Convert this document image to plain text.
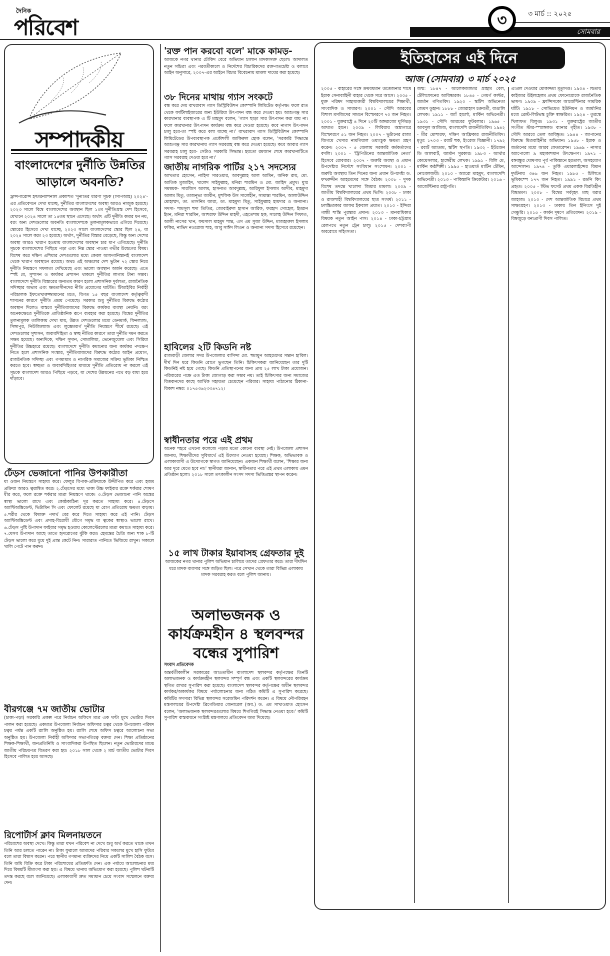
দৈনিক
পরিবেশ	৩	৩ মার্চ :: ২০২৫
সোমবার
সম্পাদকীয়
বাংলাদেশের দুর্নীতি উন্নতির আড়ালে অবনতি?
ট্রান্সপারেন্সি ইন্টারন্যাশনাল প্রকাশিত 'দুর্নীতির ধারণা সূচক (সিপিআই) ২০২৪'-এর প্রতিবেদনে দেখা যাচ্ছে, দুর্নীতির বাংলাদেশের অবস্থা আরও নাজুক হয়েছে। ২০২৩ সালে বিশ্বে বাংলাদেশের অবস্থান ছিল ১০ম দুর্নীতিগ্রস্ত দেশ হিসেবে, যেখানে ২০২৪ সালে তা ১৪তম স্থানে এসেছে। অর্থাৎ এটি দুর্নীতি কমার ধন নয়, বরং অন্য দেশগুলোর অবনতি বাংলাদেশকে তুলনামূলকভাবে এগিয়ে দিয়েছে। স্কোরের হিসেবে দেখা যাচ্ছে, ২০২৩ সালে বাংলাদেশের স্কোর ছিল ২৪, যা ২০২৪ সালে কমে ২৩ হয়েছে। অর্থাৎ, দুর্নীতির বিস্তার বেড়েছে, কিন্তু অন্য দেশের অবস্থা আরও খারাপ হওয়ায় বাংলাদেশের অবস্থান চার ধাপ এগিয়েছে। দুর্নীতি সূচকে বাংলাদেশের পিছিয়ে পড়া এবং নিম্ন স্কোর পাওয়া গভীর উদ্বেগের বিষয়। বিশেষ করে দক্ষিণ এশিয়ার দেশগুলোর মধ্যে কেবল আফগানিস্তানই বাংলাদেশ থেকে খারাপ অবস্থানে রয়েছে। অথচ এই অঞ্চলের দেশ ভুটান ৭২ স্কোর নিয়ে দুর্নীতি নিয়ন্ত্রণে সফলতা দেখিয়েছে এবং ভালো অবস্থান অর্জন করেছে। এতে স্পষ্ট যে, সুশাসন ও কার্যকর প্রশাসন থাকলে দুর্নীতির লাগাম টানা সম্ভব। বাংলাদেশে দুর্নীতি বিস্তারের অন্যতম কারণ হলো প্রশাসনিক দুর্বলতা, রাজনৈতিক সদিচ্ছার অভাব এবং ক্ষমতাসীনদের নীতি প্রয়োগের ঘাটতি। টিআইবির নির্বাহী পরিচালক ইফতেখারুজ্জামানের মতে, বিগত ১৫ বছর বাংলাদেশ কর্তৃত্ববাদী শাসনের কারণে দুর্নীতি প্রশ্রয় পেয়েছে। সরকার শুধু দুর্নীতির বিরুদ্ধে কঠোর অবস্থান দিলেও বাস্তবে দুর্নীতিবাজদের বিরুদ্ধে কার্যকর ব্যবস্থা নেয়নি। বরং অনেকক্ষেত্রে দুর্নীতিকে প্রাতিষ্ঠানিক রূপে ব্যবহার করা হয়েছে। বিশ্বের দুর্নীতির তুলনামূলক তালিকায় দেখা যায়, উন্নত দেশগুলোর মধ্যে ডেনমার্ক, ফিনল্যান্ড, সিঙ্গাপুর, নিউজিল্যান্ড এবং লুক্সেমবার্গ দুর্নীতি নিয়ন্ত্রণে শীর্ষে রয়েছে। এই দেশগুলোর সুশাসন, জবাবদিহিতা ও স্বচ্ছ নীতির কারণে তারা দুর্নীতি দমন করতে সক্ষম হয়েছে। অন্যদিকে, দক্ষিণ সুদান, সোমালিয়া, ভেনেজুয়েলা এবং সিরিয়া দুর্নীতির উচ্চহারে রয়েছে। বাংলাদেশে দুর্নীতি কমানোর জন্য কার্যকর পদক্ষেপ নিতে হলে প্রশাসনিক সংস্কার, দুর্নীতিবাজদের বিরুদ্ধে কঠোর আইন প্রয়োগ, রাজনৈতিক সদিচ্ছা এবং গণমাধ্যম ও নাগরিক সমাজের সক্রিয় ভূমিকা নিশ্চিত করতে হবে। স্বচ্ছতা ও জবাবদিহিতার মাধ্যমে দুর্নীতি প্রতিরোধ না করলে এই সূচকে বাংলাদেশ আরও পিছিয়ে পড়বে, যা দেশের উন্নয়নের পথে বড় বাধা হয়ে দাঁড়াবে।
ঢেঁড়স ভেজানো পানির উপকারীতা

যা ওজন নিয়ন্ত্রণে সাহায্য করে। ফেলুর বিপাক-প্রক্রিয়াকে উদ্দীপিত করে এবং হজম প্রক্রিয়া আরও ত্বরান্বিত করে। ২.ঢেঁড়সের মধ্যে থাকা উচ্চ ফাইবার রক্তে শর্করার শোষণ ধীর করে, ফলে রক্তে শর্করার মাত্রা নিয়ন্ত্রণে থাকে। ৩.ঢেঁড়স ভেজানো পানি অন্ত্রের স্বাস্থ্য ভালো রাখে এবং কোষ্ঠকাঠিন্য দূর করতে সাহায্য করে। ৪.ঢেঁড়সে অ্যান্টিঅক্সিডেন্ট, ভিটামিন সি এবং ফোলেট রয়েছে যা রোগ প্রতিরোধ ক্ষমতা বাড়ায়। ৫.শরীর থেকে বিষাক্ত পদার্থ বের করে দিতে সাহায্য করে এই পানি। ঢেঁড়স অ্যান্টিঅক্সিডেন্ট এবং প্রদাহ-বিরোধী যৌগে সমৃদ্ধ যা ত্বকের স্বাস্থ্যও ভালো রাখে। ৬.ঢেঁড়স পুষ্টি উপাদান ফাইবার সমৃদ্ধ হওয়ায় কোলেস্টেরলের মাত্রা কমাতে সাহায্য করে। ৭.যেসব উপাদান আছে তাতে হৃদরোগের ঝুঁকি কমে। হেমন্তের চৈত্রি জন্য শাক ৮-টি ঢেঁড়স ভালো করে ধুয়ে দুই প্রান্ত কেটে নিন। সারারাত পানিতে ভিজিয়ে রাখুন। সকালে খালি পেটে পান করুন।

বীরগঞ্জে ৭ম জাতীয় ভোটার

(চাকা-পড়া) সরকারি প্রকল্প পরে নির্বাচন অফিসে মাত্র এক ঘণ্টা মুখে ভোটার দিবস পালন করা হয়েছে। একমাত্র উপজেলা নির্বাচন অফিসার চত্বর থেকে উপজেলা পরিষদ চত্বর পর্যন্ত একটি র‍্যালি অনুষ্ঠিত হয়। র‍্যালি শেষে অফিস চত্বরে আলোচনা সভা অনুষ্ঠিত হয়। উপজেলা নির্বাহী অফিসার সভাপতিত্বে বক্তব্য দেন। শিক্ষা প্রতিষ্ঠানের শিক্ষক-শিক্ষার্থী, জনপ্রতিনিধি ও সাংবাদিকরা উপস্থিত ছিলেন। নতুন ভোটারদের মাঝে জাতীয় পরিচয়পত্র বিতরণ করা হয়। ২০১৮ সাল থেকে ২ মার্চ জাতীয় ভোটার দিবস হিসেবে পালিত হয়ে আসছে।

রিপোর্টার্স ক্লাব মিলনায়তনে

পরিবেশের অবস্থা দেখে। কিন্তু তারা যখন পরিবেশ না দেখে শুধু অর্থ করতে থাকে তখন তিনি আর চলতে পারেন না। টাকা ফুরালে আমাদের পরিবার সকলের মুখে হাসি ফুটবে বলে তারা বিশ্বাস করেন। পরে স্থানীয় গণমান্য ব্যক্তিদের নিয়ে একটি সালিশ বৈঠক বসে। তিনি জমি বিক্রি করে টাকা পরিশোধের প্রতিশ্রুতি দেন। এক পর্যায়ে আলোচনার মধ্য দিয়ে বিষয়টি মীমাংসা করা হয়। এ বিষয়ে থানায় অভিযোগ করা হয়েছে। পুলিশ ঘটনাটি তদন্ত করছে বলে জানিয়েছে। এলাকাবাসী দ্রুত সমাধান চেয়ে সংবাদ সম্মেলনে বক্তব্য দেন।

'রক্ত পান করবো বলে' মাকে কামড়-

আজকে নগর থানার চৌকিদ বেরে অভিযান চালান মাদকাসক্ত ছেলে। আদালত নতুন সচিত্রা এবং পরবর্তীকালে ও নির্দেশের বিচারিকদের রক্তপাতচেষ্টা ও বলাবে আইন অনুসারে, ২০০৭-এর আইনে বিচার বিবেচনায় মামলা দায়ের করা হয়েছে।

৩৮ দিনের মাথায় গ্যাস সংকটে

বন্ধ করে দেয় বাখরাবাদ গ্যাস ডিস্ট্রিবিউশন কোম্পানি লিমিটেড কর্তৃপক্ষ। ফলে রাত থেকে ফার্টিলাইজারের জন্য ইউরিয়া উৎপাদন বন্ধ করে দেওয়া হয়। আশুগঞ্জ সার কারখানার ব্যবস্থাপক এ টি মাহমুদ বলেন, 'গ্যাস ছাড়া সার উৎপাদন করা যায় না। ফলে কারখানার উৎপাদন কার্যক্রম বন্ধ করে দেওয়া হয়েছে। কবে নাগাদ উৎপাদন চালু হবে-তা স্পষ্ট করে বলা যাচ্ছে না।' বাখরাবাদ গ্যাস ডিস্ট্রিবিউশন কোম্পানি লিমিটেডের উপব্যবস্থাপক প্রকৌশলী জাকিরুল হোক বলেন, 'সরকারি সিদ্ধান্তে আশুগঞ্জ সার কারখানায় গ্যাস সরবরাহ বন্ধ করে দেওয়া হয়েছে। কবে আবার গ্যাস সরবরাহ চালু হবে- সেটাও সরকারি সিদ্ধান্ত। হয়তো রমজান শেষে কারখানাটিতে গ্যাস সরবরাহ দেওয়া হবে না।'

জাতীয় নাগরিক পার্টির ২১৭ সদস্যের

আখতার হোসেন, নাহিদা সারওয়ার, আবদুল্লাহ আল আমিন, অনিক রায়, মো. আতিক মুজাহিদ, খালেদ সাইফুল্লাহ, মনিরা শারমিন ও মো. জাহিদ প্রমুখ। যুগ্ম সমন্বয়ক- সারজিস আলম, হাসনাত আবদুল্লাহ, আরিফুল ইসলাম আদীব, মাহমুদা আলম মিতু, তাজনূভা জাবীন, মুশফিক উস সালেহীন, সামান্তা শারমিন, আলাউদ্দিন মোহাম্মদ, ডা. তাসনিম জারা, ডা. মাহমুদা মিতু, সাইফুল্লাহ হায়দার ও অন্যান্য। সদস্য- শামসুল হুদা তিতির, জোবাইরুল হাসান আরিফ, ফরহাদ সোহেল, ইমরান ইমন, মনিরা শারমিন, আশরাফ উদ্দিন মাহদী, এহতেশাম হক, সালেহ উদ্দিন সিফাত, আলী নাসের খান, ফয়সাল মাহমুদ শান্ত, এস এম সুজা উদ্দিন, মাজহারুল ইসলাম ফকির, নাভিদ নওরোজ শাহ, আবু সাঈদ লিওন ও অন্যান্য সদস্য হিসেবে রয়েছেন।

হাবিলের ২টি কিডনি নষ্ট

রাজবাড়ী জেলার সদর উপজেলার বাসিন্দা মো. হুমায়ুন আহমেদের সন্তান হাবিল। দীর্ঘ দিন ধরে কিডনি রোগে ভুগছেন তিনি। চিকিৎসকরা জানিয়েছেন তার দুটি কিডনিই নষ্ট হয়ে গেছে। কিডনি প্রতিস্থাপনের জন্য প্রায় ২৫ লাখ টাকা প্রয়োজন। পরিবারের পক্ষে এত টাকা জোগাড় করা সম্ভব নয়। তাই চিকিৎসার জন্য সমাজের বিত্তবানদের কাছে আর্থিক সহায়তা চেয়েছেন পরিবার। সাহায্য পাঠানোর ঠিকানা- বিকাশ নম্বর: ০১৭৫৩৬২৩৩৪৭১২।

স্বাধীনতার পরে এই প্রথম

অনেক শহরে এখনো কলেজে পড়ার মতো কোনো ব্যবস্থা নেই। উপজেলা প্রশাসন জানায়, শিক্ষার্থীদের সুবিধার্থে এই উদ্যোগ নেওয়া হয়েছে। শিক্ষক, অভিভাবক ও এলাকাবাসী এ উদ্যোগকে স্বাগত জানিয়েছেন। একজন শিক্ষার্থী বলেন, 'শিক্ষার জন্য আর দূরে যেতে হবে না।' স্থানীয়রা জানান, স্বাধীনতার পরে এই প্রথম এলাকায় এমন প্রতিষ্ঠান হলো। ২০১৮ সালে তৎকালীন সংসদ সদস্য ভিত্তিপ্রস্তর স্থাপন করেন।

১৫ লাখ টাকার ইয়াবাসহ গ্রেফতার দুই

আজকের নগর থানার পুলিশ অভিযান চালিয়ে তাদের গ্রেফতার করে। তারা দীর্ঘদিন ধরে মাদক ব্যবসার সঙ্গে জড়িত ছিল। পরে সেখান থেকে তারা বিভিন্ন এলাকায় মাদক সরবরাহ করত বলে পুলিশ জানায়।

অলাভজনক ও কার্যক্রমহীন ৪ স্থলবন্দর বন্ধের সুপারিশ

সংবাদ প্রতিবেদক

অন্তর্বর্তীকালীন সরকারের আওতাধীন বাংলাদেশ স্থলবন্দর কর্তৃপক্ষের তিনটি অলাভজনক ও কার্যক্রমহীন স্থলবন্দর সম্পূর্ণ বন্ধ এবং একটি স্থলবন্দরের কার্যক্রম স্থগিত রাখার সুপারিশ করা হয়েছে। বাংলাদেশ স্থলবন্দর কর্তৃপক্ষের অধীন স্থলবন্দর কার্যকর/অকার্যকর বিষয়ে পর্যালোচনার জন্য গঠিত কমিটি এ সুপারিশ করেছে। কমিটির সদস্যরা বিভিন্ন স্থলবন্দর সরেজমিন পরিদর্শন করেন। এ বিষয়ে নৌপরিবহন মন্ত্রণালয়ের উপদেষ্টা ব্রিগেডিয়ার জেনারেল (অব.) ড. এম সাখাওয়াত হোসেন বলেন, 'অলাভজনক স্থলবন্দরগুলোর বিষয়ে শিগগিরই সিদ্ধান্ত নেওয়া হবে।' কমিটি সুপারিশ বাস্তবায়নে সংশ্লিষ্ট মন্ত্রণালয়ে প্রতিবেদন জমা দিয়েছে।

ইতিহাসের এই দিনে
আজ (সোমবার) ৩ মার্চ ২০২৫
২০০৫ - বাহারের সঙ্গে ক্রমবর্ধমান উত্তেজনার শীর্ষে ইরাক সেনাবাহিনী বাহার থেকে সরে আসে। ২০০৫ - যুক্ত পরিষদ সাহায্যকারী বিশ্ববিদ্যালয়ের শিক্ষার্থী, সাংবাদিক ও সাধারণ। ২০০১ - সৌদি আরবের বিশাল মসজিদের সামনে বিস্ফোরণে ৭০ জন নিহত। ২০০১ - যুক্তরাষ্ট্রে ৪ দিনে ২০টি অঙ্গরাজ্যে ঘূর্ণিঝড় আঘাত হানে। ২০০৯ - লিবিয়ায় অস্ত্রাগারে বিস্ফোরণে ৫১ জন নিহত। ২০০৭ - ভুটানের রাজা জিগমে খেসার নামগিয়াল ওয়াংচুক ক্ষমতা গ্রহণ করেন। ২০০৭ - ৫ জেলায় সরকারি কর্মকর্তাদের বদলি। ২০০১ - 'ট্রিপিউনের আন্তর্জাতিক নেতা' হিসেবে রোববার। ২০০৭ - জরুরি অবস্থা ও প্রধান উপদেষ্টার নির্দেশে সংবিধান সংশোধন। ২০০১ - জরুরি অবস্থায় তিন দিনের জন্য প্রধান উপদেষ্টা ড. ফখরুদ্দীন আহমেদের সঙ্গে বৈঠক। ২০০৮ - দুদক বিশেষ তদন্তে খালেদা জিয়ার মামলা। ২০০৯ - জাতীয় বিশ্ববিদ্যালয়ের প্রথম ভিসি। ২০০৮ - ঢাকা ও রাজশাহী বিশ্ববিদ্যালয়ের ছাত্র সংঘর্ষ। ২০১১ - চলচ্চিত্রকার জাফর ইকবাল প্রয়াত। ২০১০ - ইন্দিরা গান্ধী শান্তি পুরস্কার প্রদান। ২০১৩ - মানবাধিকার বিষয়ক নতুন আইন পাস। ২০১৪ - ঢাকা-চট্টগ্রাম রেলপথে নতুন ট্রেন চালু। ২০১৫ - দেশব্যাপী অবরোধে সহিংসতা।
জন্ম: ১৮৪৭ - আলেকজান্ডার গ্রাহাম বেল, টেলিফোনের আবিষ্কারক। ১৮৪৫ - গেয়র্গ কান্টর, জার্মান গণিতবিদ। ১৯২০ - স্কটিশ অভিনেতা জেমস ডুহান। ১৮৮৮ - জোরাহাস চক্রবর্তী, বাঙালি লেখক। ১৯১১ - জ্যাঁ হার্লো, মার্কিন অভিনেত্রী। ১৯৩১ - সৌদি আরবের ফুটবলার। ১৯৬৫ - আবদুল আজিজ, বাংলাদেশি রাজনীতিবিদ। ১৯৪২ - মীর মোশারফ, দক্ষিণ আফ্রিকার রাজনীতিবিদ। মৃত্যু: ১৭০৩ - রবার্ট হুক, ইংরেজ বিজ্ঞানী। ১৭৯২ - রবার্ট অ্যাডাম, স্কটিশ স্থপতি। ১৯৩২ - ইউজেন ডি আলবার্ট, জার্মান সুরকার। ১৯৮৩ - আর্থার কোয়েসলার, হাঙ্গেরীয় লেখক। ১৯৯১ - বিলি মে, মার্কিন কণ্ঠশিল্পী। ১৯৯৫ - হাওয়ার্ড মার্টিন টেমিন, নোবেলজয়ী। ২০১০ - অ্যারো মাহমুদ, বাংলাদেশি অভিনেত্রী। ২০১৩ - পাকিস্তানি ক্রিকেটার। ২০১৬ - আর্জেন্টিনার রাষ্ট্রপতি।
এপ্রিল দেওয়ার মোকাদ্দমা মৃত্যুদণ্ড। ১৯০৪ - দ্বিতীয় কাইজার উইলহেলম প্রথম ফোনোগ্রাফে রাজনৈতিক ভাষণ। ১৯০৯ - ফ্রান্সিসকো আর্জেন্টিনার সামরিক ঘাঁটি। ১৯১৮ - সোভিয়েত ইউনিয়ন ও জার্মানির মধ্যে ব্রেস্ট-লিটভস্ক চুক্তি স্বাক্ষরিত। ১৯২৪ - তুরস্কে খিলাফত বিলুপ্ত। ১৯৩১ - যুক্তরাষ্ট্রের জাতীয় সংগীত স্টার-স্প্যাঙ্গলড ব্যানার গৃহীত। ১৯৩৮ - সৌদি আরবে তেল আবিষ্কৃত। ১৯৪৪ - জাপানের বিরুদ্ধে মিত্রবাহিনীর অভিযান। ১৯৫৮ - ইরাক ও জর্ডানের মধ্যে আরব ফেডারেশন। ১৯৬৯ - নাসার অ্যাপোলো ৯ মহাকাশযান উৎক্ষেপণ। ১৯৭১ - বঙ্গবন্ধুর ঘোষণায় পূর্ব পাকিস্তানে হরতাল, অসহযোগ আন্দোলন। ১৯৭৪ - তুর্কি এয়ারলাইন্সের বিমান দুর্ঘটনায় ৩৪৬ জন নিহত। ১৯৮৫ - চিলিতে ভূমিকম্পে ১৭৭ জন নিহত। ১৯৯১ - রডনি কিং প্রহৃত। ২০০৫ - স্টিভ ফসেট প্রথম একক বিরতিহীন বিশ্বভ্রমণ। ২০০৮ - বিশ্বের সর্ববৃহৎ মাছ ধরার জাহাজ। ২০১০ - দেশ আন্তর্জাতিক বিচারে প্রথম সাক্ষ্যগ্রহণ। ২০১৩ - ঢাকায় তিন ইনিংসে দুই সেঞ্চুরি। ২০১৫ - কার্বন দূষণে প্রতিবেদন। ২০১৯ - বিশ্বজুড়ে বন্যপ্রাণী দিবস পালিত।
